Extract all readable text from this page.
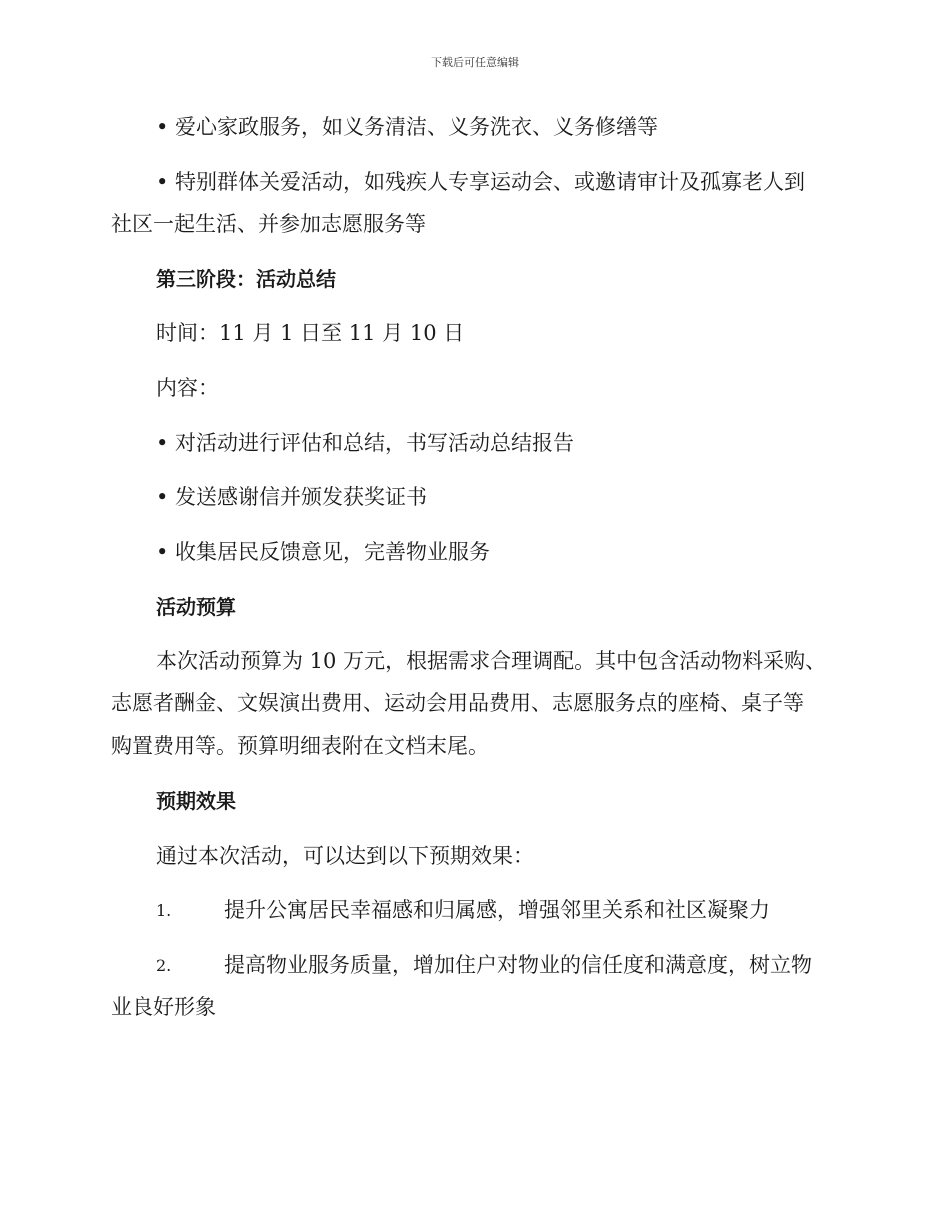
下载后可任意编辑
• 爱心家政服务，如义务清洁、义务洗衣、义务修缮等
• 特别群体关爱活动，如残疾人专享运动会、或邀请审计及孤寡老人到
社区一起生活、并参加志愿服务等
第三阶段：活动总结
时间：11 月 1 日至 11 月 10 日
内容：
• 对活动进行评估和总结，书写活动总结报告
• 发送感谢信并颁发获奖证书
• 收集居民反馈意见，完善物业服务
活动预算
本次活动预算为 10 万元，根据需求合理调配。其中包含活动物料采购、
志愿者酬金、文娱演出费用、运动会用品费用、志愿服务点的座椅、桌子等
购置费用等。预算明细表附在文档末尾。
预期效果
通过本次活动，可以达到以下预期效果：
1.	提升公寓居民幸福感和归属感，增强邻里关系和社区凝聚力
2.	提高物业服务质量，增加住户对物业的信任度和满意度，树立物
业良好形象
